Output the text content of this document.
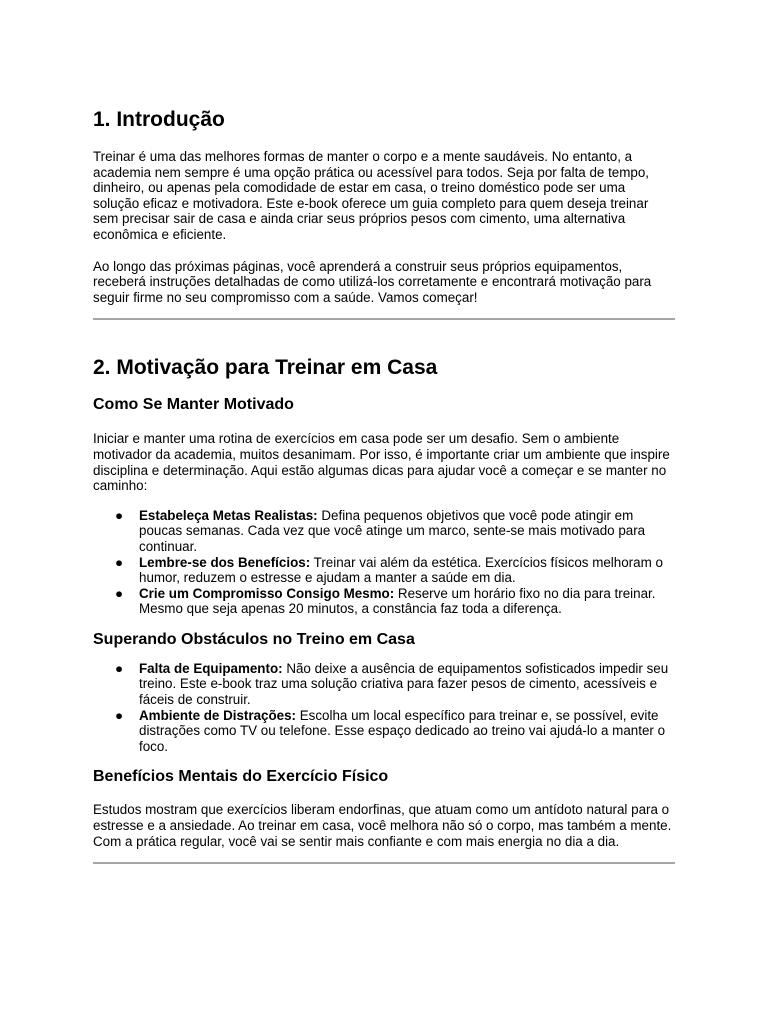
1. Introdução

Treinar é uma das melhores formas de manter o corpo e a mente saudáveis. No entanto, a academia nem sempre é uma opção prática ou acessível para todos. Seja por falta de tempo, dinheiro, ou apenas pela comodidade de estar em casa, o treino doméstico pode ser uma solução eficaz e motivadora. Este e-book oferece um guia completo para quem deseja treinar sem precisar sair de casa e ainda criar seus próprios pesos com cimento, uma alternativa econômica e eficiente.

Ao longo das próximas páginas, você aprenderá a construir seus próprios equipamentos, receberá instruções detalhadas de como utilizá-los corretamente e encontrará motivação para seguir firme no seu compromisso com a saúde. Vamos começar!

2. Motivação para Treinar em Casa
Como Se Manter Motivado

Iniciar e manter uma rotina de exercícios em casa pode ser um desafio. Sem o ambiente motivador da academia, muitos desanimam. Por isso, é importante criar um ambiente que inspire disciplina e determinação. Aqui estão algumas dicas para ajudar você a começar e se manter no caminho:

● Estabeleça Metas Realistas: Defina pequenos objetivos que você pode atingir em poucas semanas. Cada vez que você atinge um marco, sente-se mais motivado para continuar.
● Lembre-se dos Benefícios: Treinar vai além da estética. Exercícios físicos melhoram o humor, reduzem o estresse e ajudam a manter a saúde em dia.
● Crie um Compromisso Consigo Mesmo: Reserve um horário fixo no dia para treinar. Mesmo que seja apenas 20 minutos, a constância faz toda a diferença.
Superando Obstáculos no Treino em Casa
● Falta de Equipamento: Não deixe a ausência de equipamentos sofisticados impedir seu treino. Este e-book traz uma solução criativa para fazer pesos de cimento, acessíveis e fáceis de construir.
● Ambiente de Distrações: Escolha um local específico para treinar e, se possível, evite distrações como TV ou telefone. Esse espaço dedicado ao treino vai ajudá-lo a manter o foco.
Benefícios Mentais do Exercício Físico

Estudos mostram que exercícios liberam endorfinas, que atuam como um antídoto natural para o estresse e a ansiedade. Ao treinar em casa, você melhora não só o corpo, mas também a mente. Com a prática regular, você vai se sentir mais confiante e com mais energia no dia a dia.
